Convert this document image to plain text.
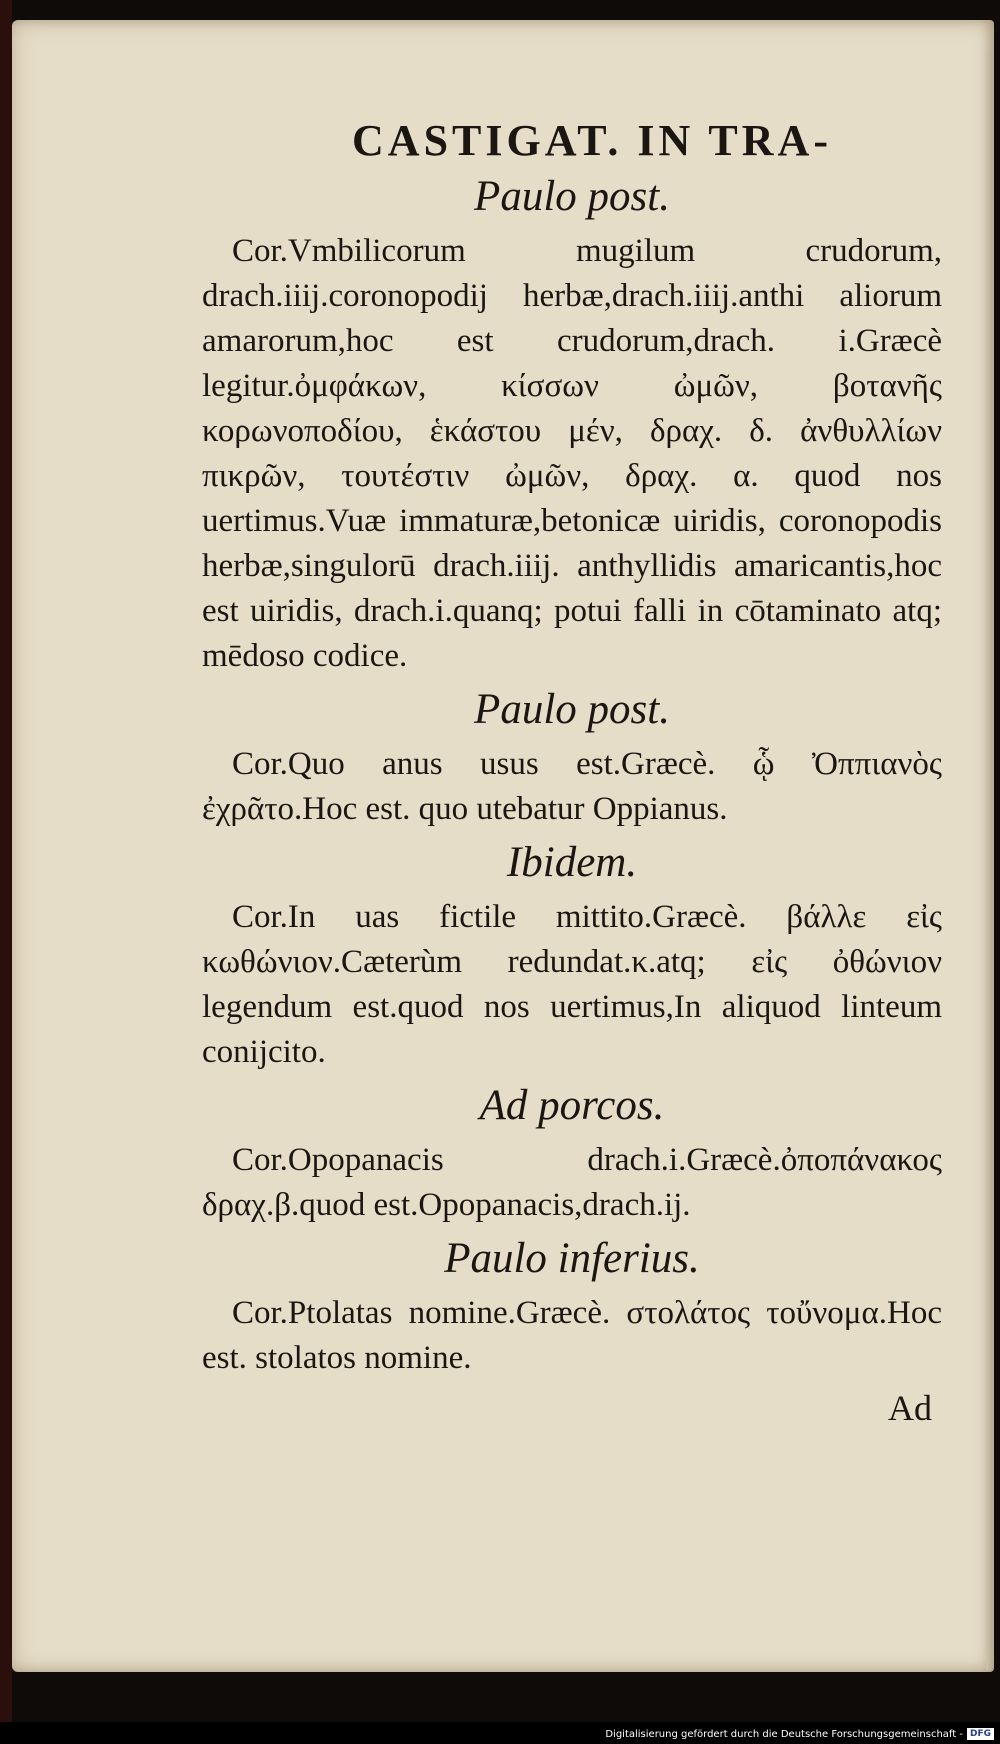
CASTIGAT. IN TRA-
Paulo post.

Cor.Vmbilicorum mugilum crudorum, drach.iiij.coronopodij herbæ,drach.iiij.anthi aliorum amarorum,hoc est crudorum,drach. i.Græcè legitur.ὀμφάκων, κίσσων ὠμῶν, βοτανῆς κορωνοποδίου, ἑκάστου μέν, δραχ. δ. ἀνθυλλίων πικρῶν, τουτέστιν ὠμῶν, δραχ. α. quod nos uertimus.Vuæ immaturæ,betonicæ uiridis, coronopodis herbæ,singulorū drach.iiij. anthyllidis amaricantis,hoc est uiridis, drach.i.quanq; potui falli in cōtaminato atq; mēdoso codice.

Paulo post.

Cor.Quo anus usus est.Græcè. ᾧ Ὀππιανὸς ἐχρᾶτο.Hoc est. quo utebatur Oppianus.

Ibidem.

Cor.In uas fictile mittito.Græcè. βάλλε εἰς κωθώνιον.Cæterùm redundat.κ.atq; εἰς ὀθώνιον legendum est.quod nos uertimus,In aliquod linteum conijcito.

Ad porcos.

Cor.Opopanacis drach.i.Græcè.ὀποπάνακος δραχ.β.quod est.Opopanacis,drach.ij.

Paulo inferius.

Cor.Ptolatas nomine.Græcè. στολάτος τοὔνομα.Hoc est. stolatos nomine.

Ad
Digitalisierung gefördert durch die Deutsche Forschungsgemeinschaft - DFG
